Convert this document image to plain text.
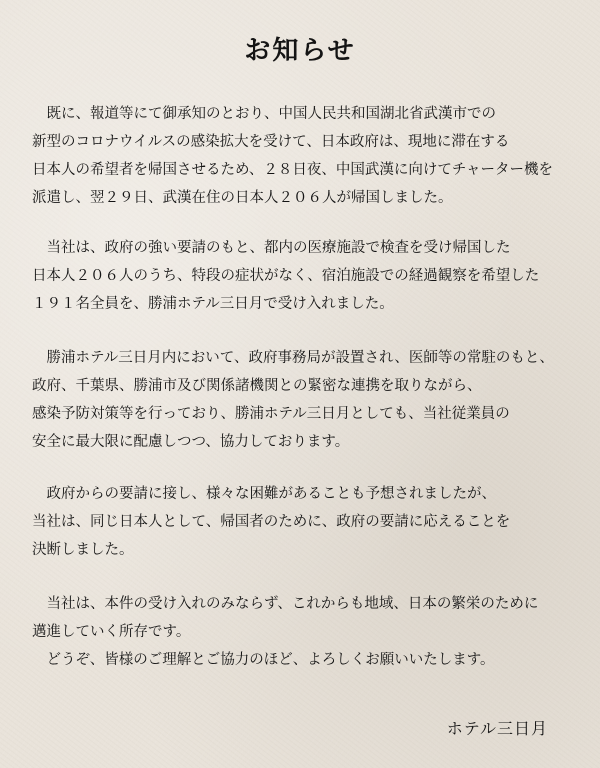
お知らせ

　既に、報道等にて御承知のとおり、中国人民共和国湖北省武漢市での
新型のコロナウイルスの感染拡大を受けて、日本政府は、現地に滞在する
日本人の希望者を帰国させるため、２８日夜、中国武漢に向けてチャーター機を
派遣し、翌２９日、武漢在住の日本人２０６人が帰国しました。

　当社は、政府の強い要請のもと、都内の医療施設で検査を受け帰国した
日本人２０６人のうち、特段の症状がなく、宿泊施設での経過観察を希望した
１９１名全員を、勝浦ホテル三日月で受け入れました。

　勝浦ホテル三日月内において、政府事務局が設置され、医師等の常駐のもと、
政府、千葉県、勝浦市及び関係諸機関との緊密な連携を取りながら、
感染予防対策等を行っており、勝浦ホテル三日月としても、当社従業員の
安全に最大限に配慮しつつ、協力しております。

　政府からの要請に接し、様々な困難があることも予想されましたが、
当社は、同じ日本人として、帰国者のために、政府の要請に応えることを
決断しました。

　当社は、本件の受け入れのみならず、これからも地域、日本の繁栄のために
邁進していく所存です。
　どうぞ、皆様のご理解とご協力のほど、よろしくお願いいたします。

ホテル三日月
